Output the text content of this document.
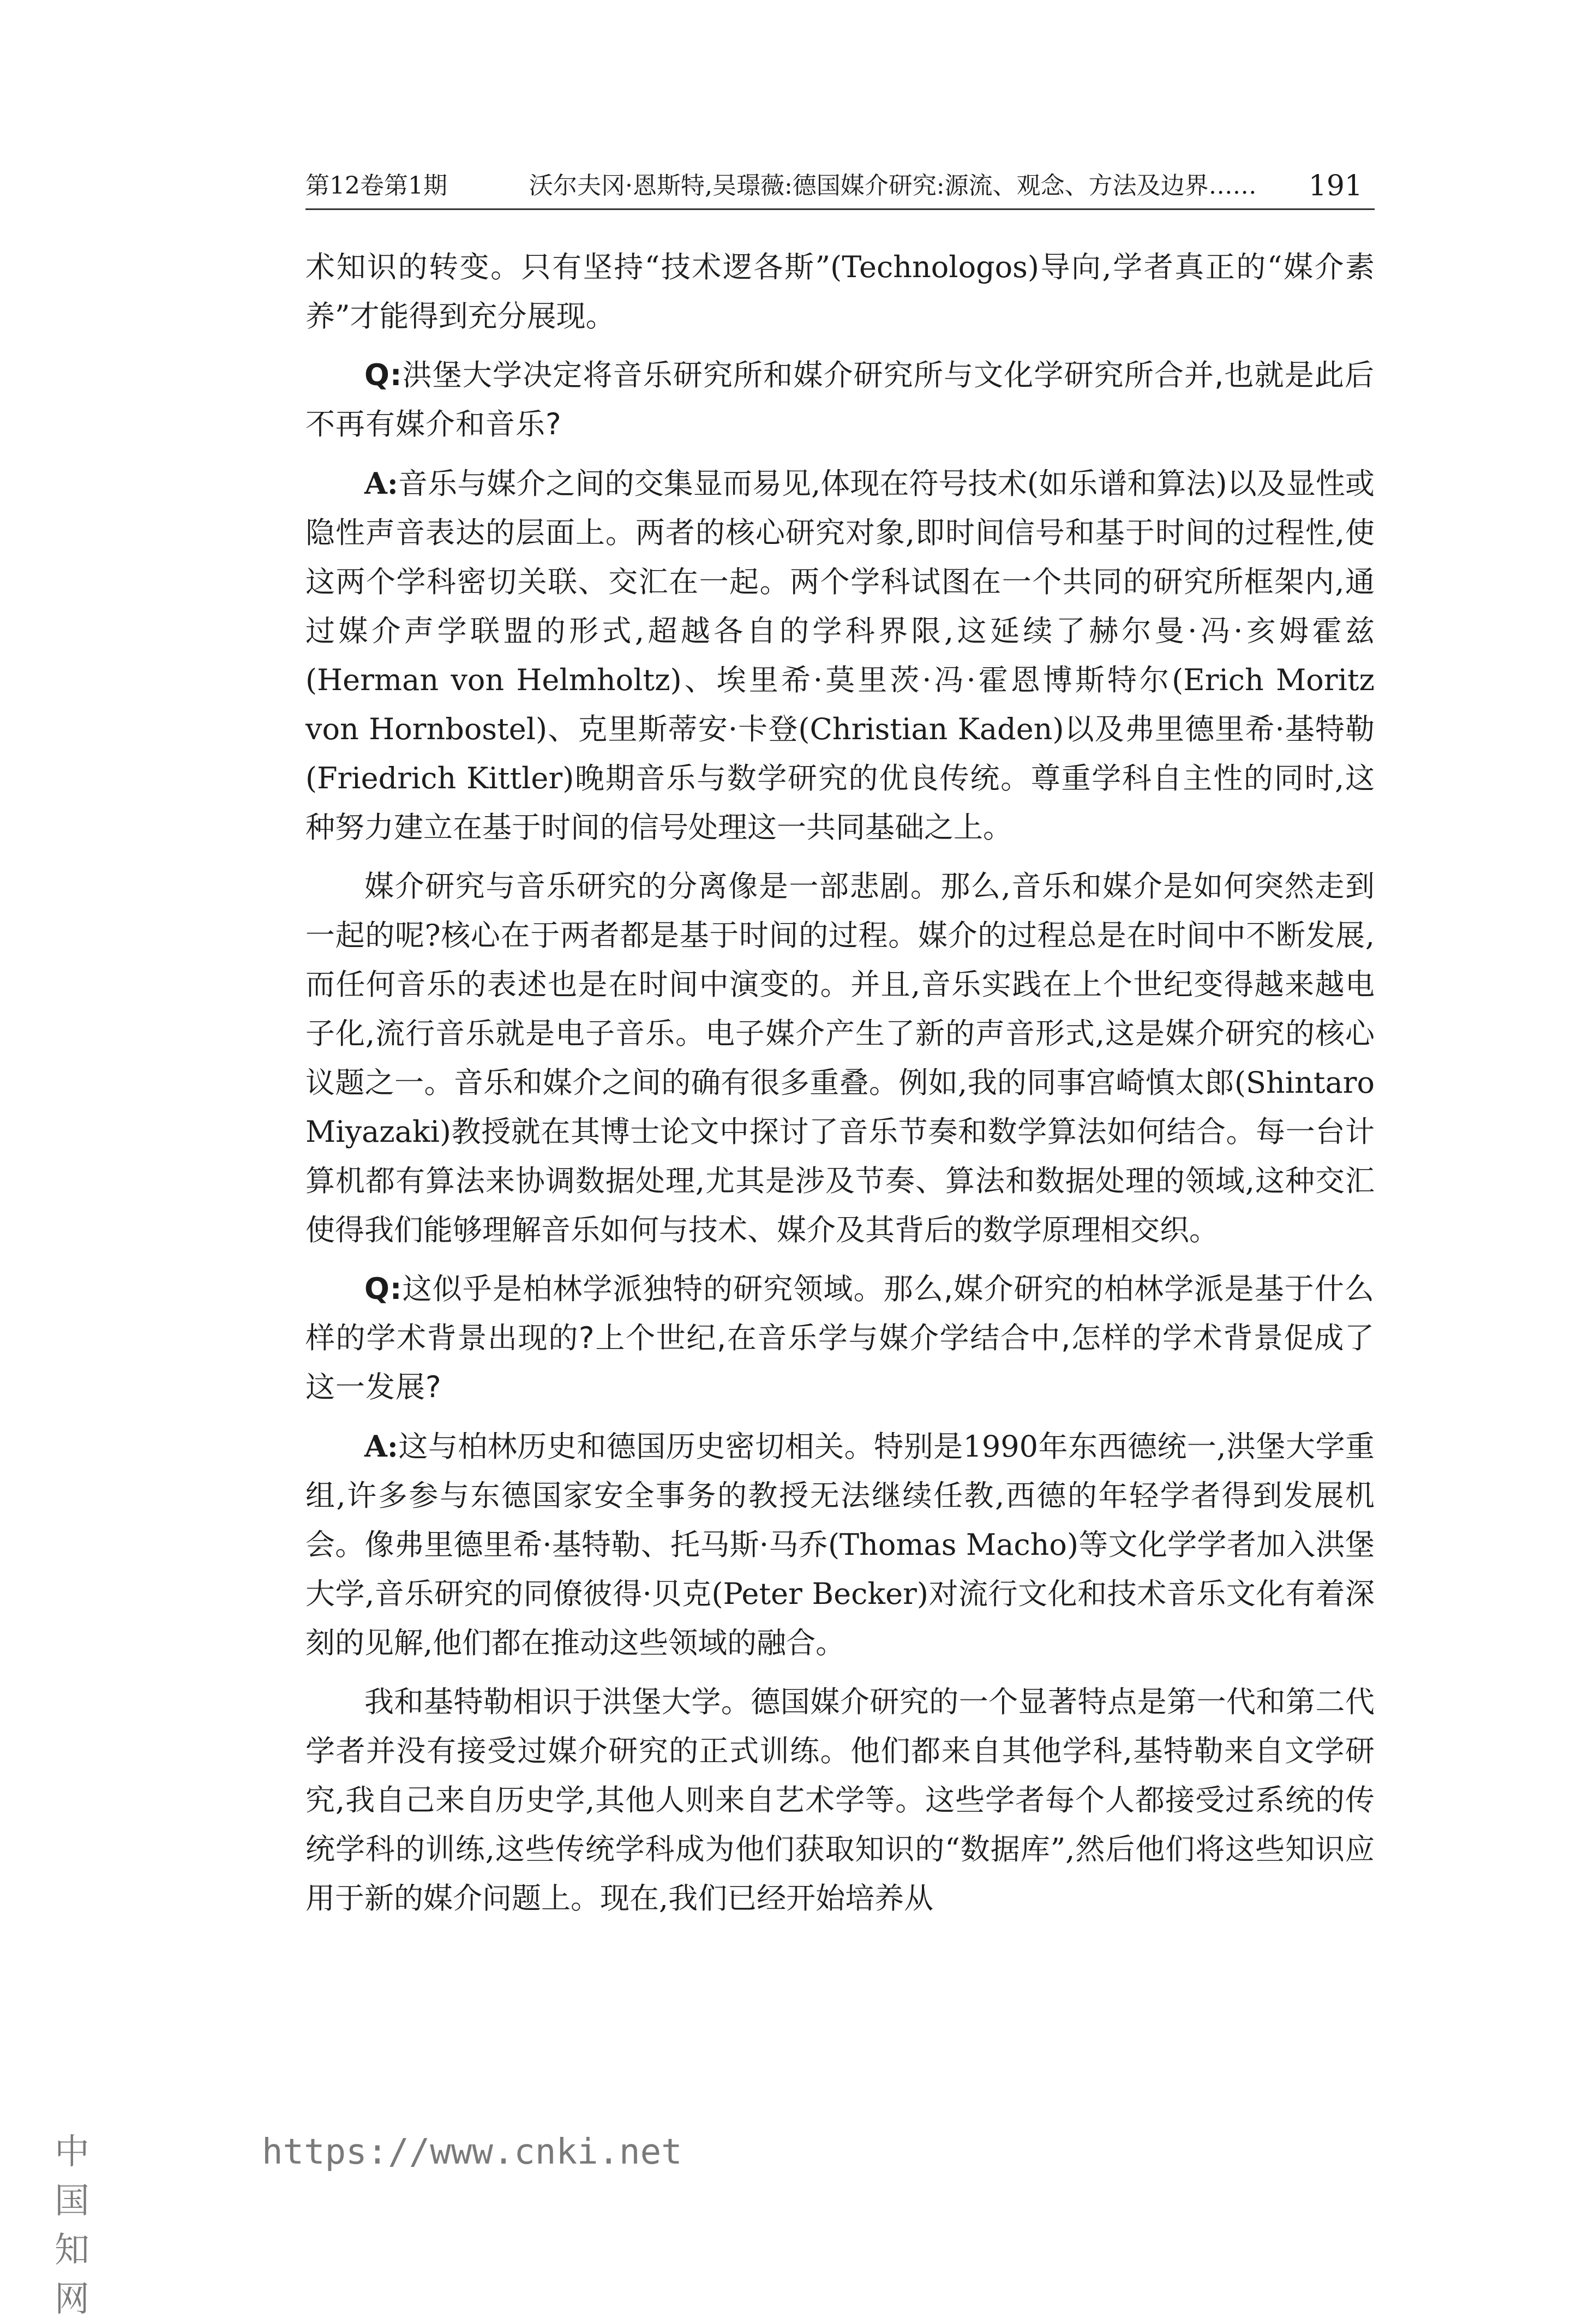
第12卷第1期	沃尔夫冈·恩斯特,吴璟薇:德国媒介研究:源流、观念、方法及边界…… 191

术知识的转变。只有坚持“技术逻各斯”(Technologos)导向,学者真正的“媒介素养”才能得到充分展现。

Q:洪堡大学决定将音乐研究所和媒介研究所与文化学研究所合并,也就是此后不再有媒介和音乐?

A:音乐与媒介之间的交集显而易见,体现在符号技术(如乐谱和算法)以及显性或隐性声音表达的层面上。两者的核心研究对象,即时间信号和基于时间的过程性,使这两个学科密切关联、交汇在一起。两个学科试图在一个共同的研究所框架内,通过媒介声学联盟的形式,超越各自的学科界限,这延续了赫尔曼·冯·亥姆霍兹(Herman von Helmholtz)、埃里希·莫里茨·冯·霍恩博斯特尔(Erich Moritz von Hornbostel)、克里斯蒂安·卡登(Christian Kaden)以及弗里德里希·基特勒(Friedrich Kittler)晚期音乐与数学研究的优良传统。尊重学科自主性的同时,这种努力建立在基于时间的信号处理这一共同基础之上。

媒介研究与音乐研究的分离像是一部悲剧。那么,音乐和媒介是如何突然走到一起的呢?核心在于两者都是基于时间的过程。媒介的过程总是在时间中不断发展,而任何音乐的表述也是在时间中演变的。并且,音乐实践在上个世纪变得越来越电子化,流行音乐就是电子音乐。电子媒介产生了新的声音形式,这是媒介研究的核心议题之一。音乐和媒介之间的确有很多重叠。例如,我的同事宫崎慎太郎(Shintaro Miyazaki)教授就在其博士论文中探讨了音乐节奏和数学算法如何结合。每一台计算机都有算法来协调数据处理,尤其是涉及节奏、算法和数据处理的领域,这种交汇使得我们能够理解音乐如何与技术、媒介及其背后的数学原理相交织。

Q:这似乎是柏林学派独特的研究领域。那么,媒介研究的柏林学派是基于什么样的学术背景出现的?上个世纪,在音乐学与媒介学结合中,怎样的学术背景促成了这一发展?

A:这与柏林历史和德国历史密切相关。特别是1990年东西德统一,洪堡大学重组,许多参与东德国家安全事务的教授无法继续任教,西德的年轻学者得到发展机会。像弗里德里希·基特勒、托马斯·马乔(Thomas Macho)等文化学学者加入洪堡大学,音乐研究的同僚彼得·贝克(Peter Becker)对流行文化和技术音乐文化有着深刻的见解,他们都在推动这些领域的融合。

我和基特勒相识于洪堡大学。德国媒介研究的一个显著特点是第一代和第二代学者并没有接受过媒介研究的正式训练。他们都来自其他学科,基特勒来自文学研究,我自己来自历史学,其他人则来自艺术学等。这些学者每个人都接受过系统的传统学科的训练,这些传统学科成为他们获取知识的“数据库”,然后他们将这些知识应用于新的媒介问题上。现在,我们已经开始培养从

中国知网
https://www.cnki.net
